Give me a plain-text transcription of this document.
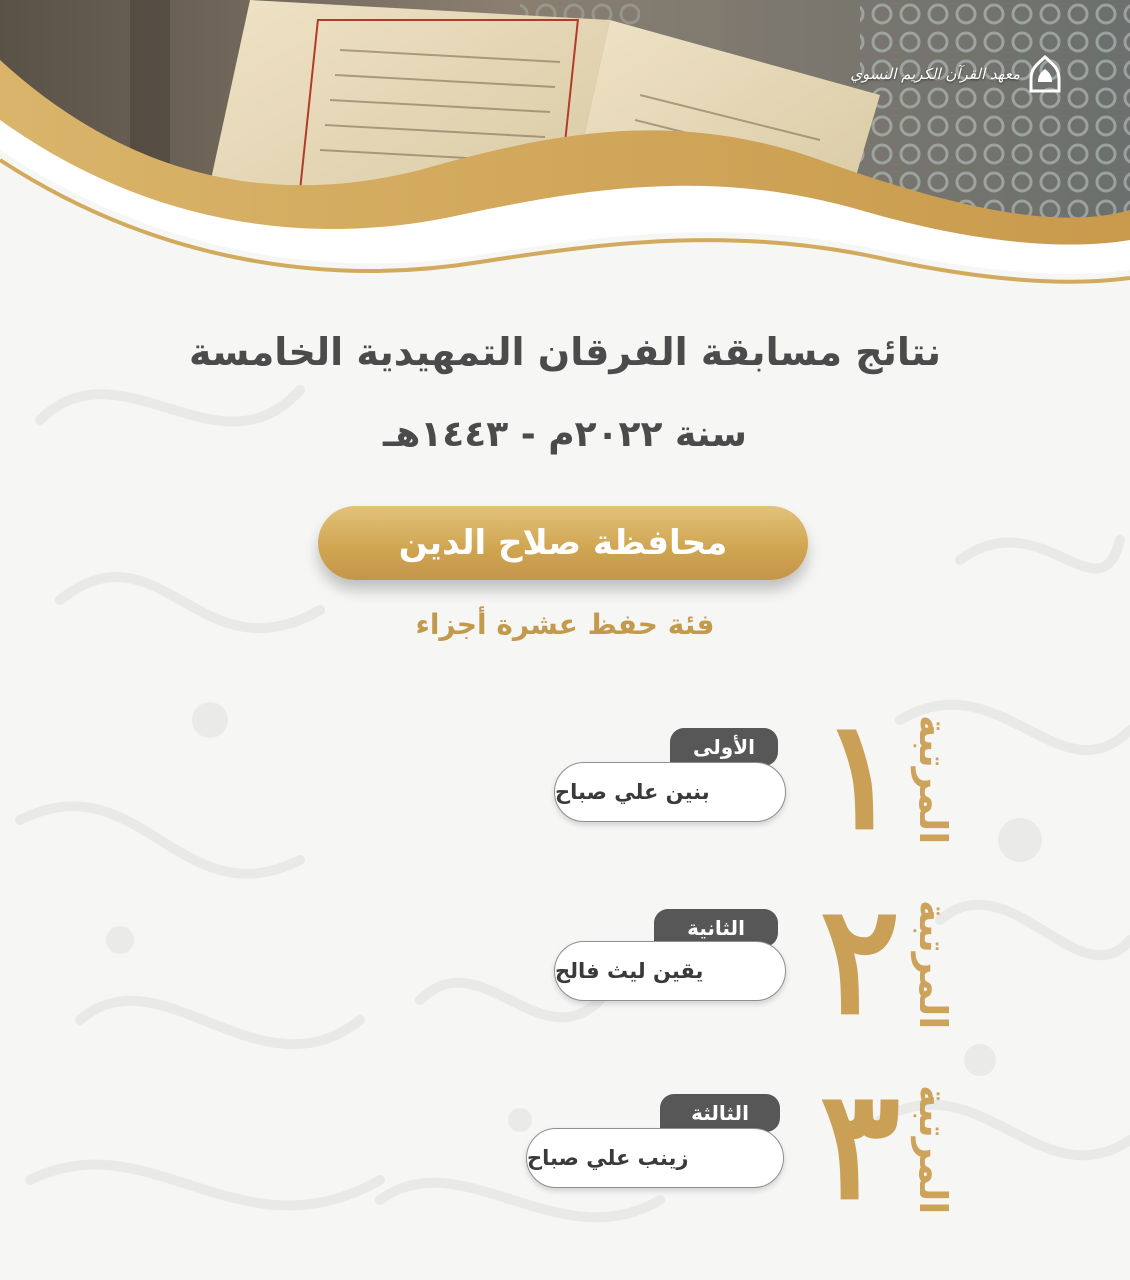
معهد القرآن الكريم النسوي
نتائج مسابقة الفرقان التمهيدية الخامسة
سنة ٢٠٢٢م - ١٤٤٣هـ
محافظة صلاح الدين
فئة حفظ عشرة أجزاء
المرتبة
١
الأولى
بنين علي صباح
المرتبة
٢
الثانية
يقين ليث فالح
المرتبة
٣
الثالثة
زينب علي صباح
